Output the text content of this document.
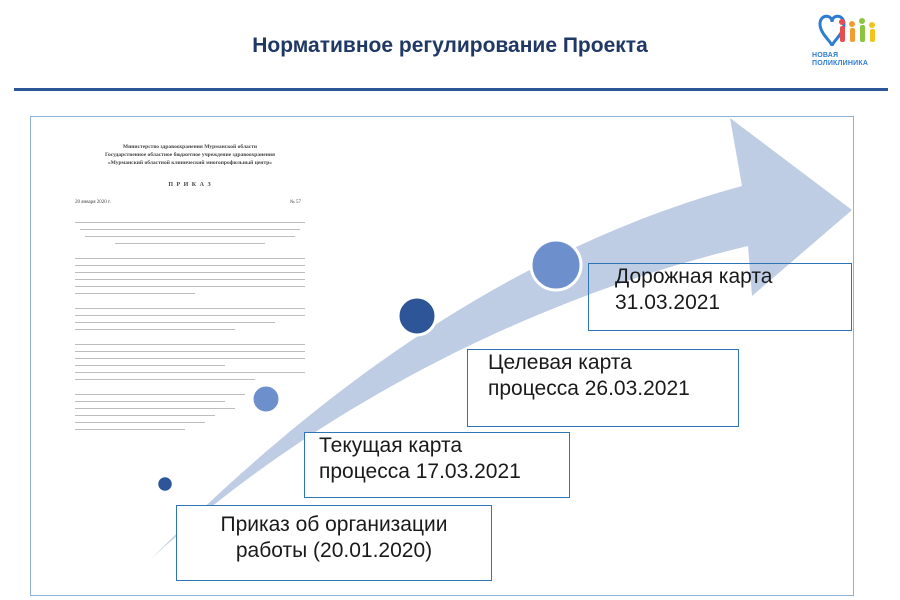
Нормативное регулирование Проекта	НОВАЯ
ПОЛИКЛИНИКА
Министерство здравоохранения Мурманской области
Государственное областное бюджетное учреждение здравоохранения
«Мурманский областной клинический многопрофильный центр»
П Р И К А З
20 января 2020 г.	№ 57
Приказ об организации
работы (20.01.2020)
Текущая карта
процесса 17.03.2021
Целевая карта
процесса 26.03.2021
Дорожная карта
31.03.2021
